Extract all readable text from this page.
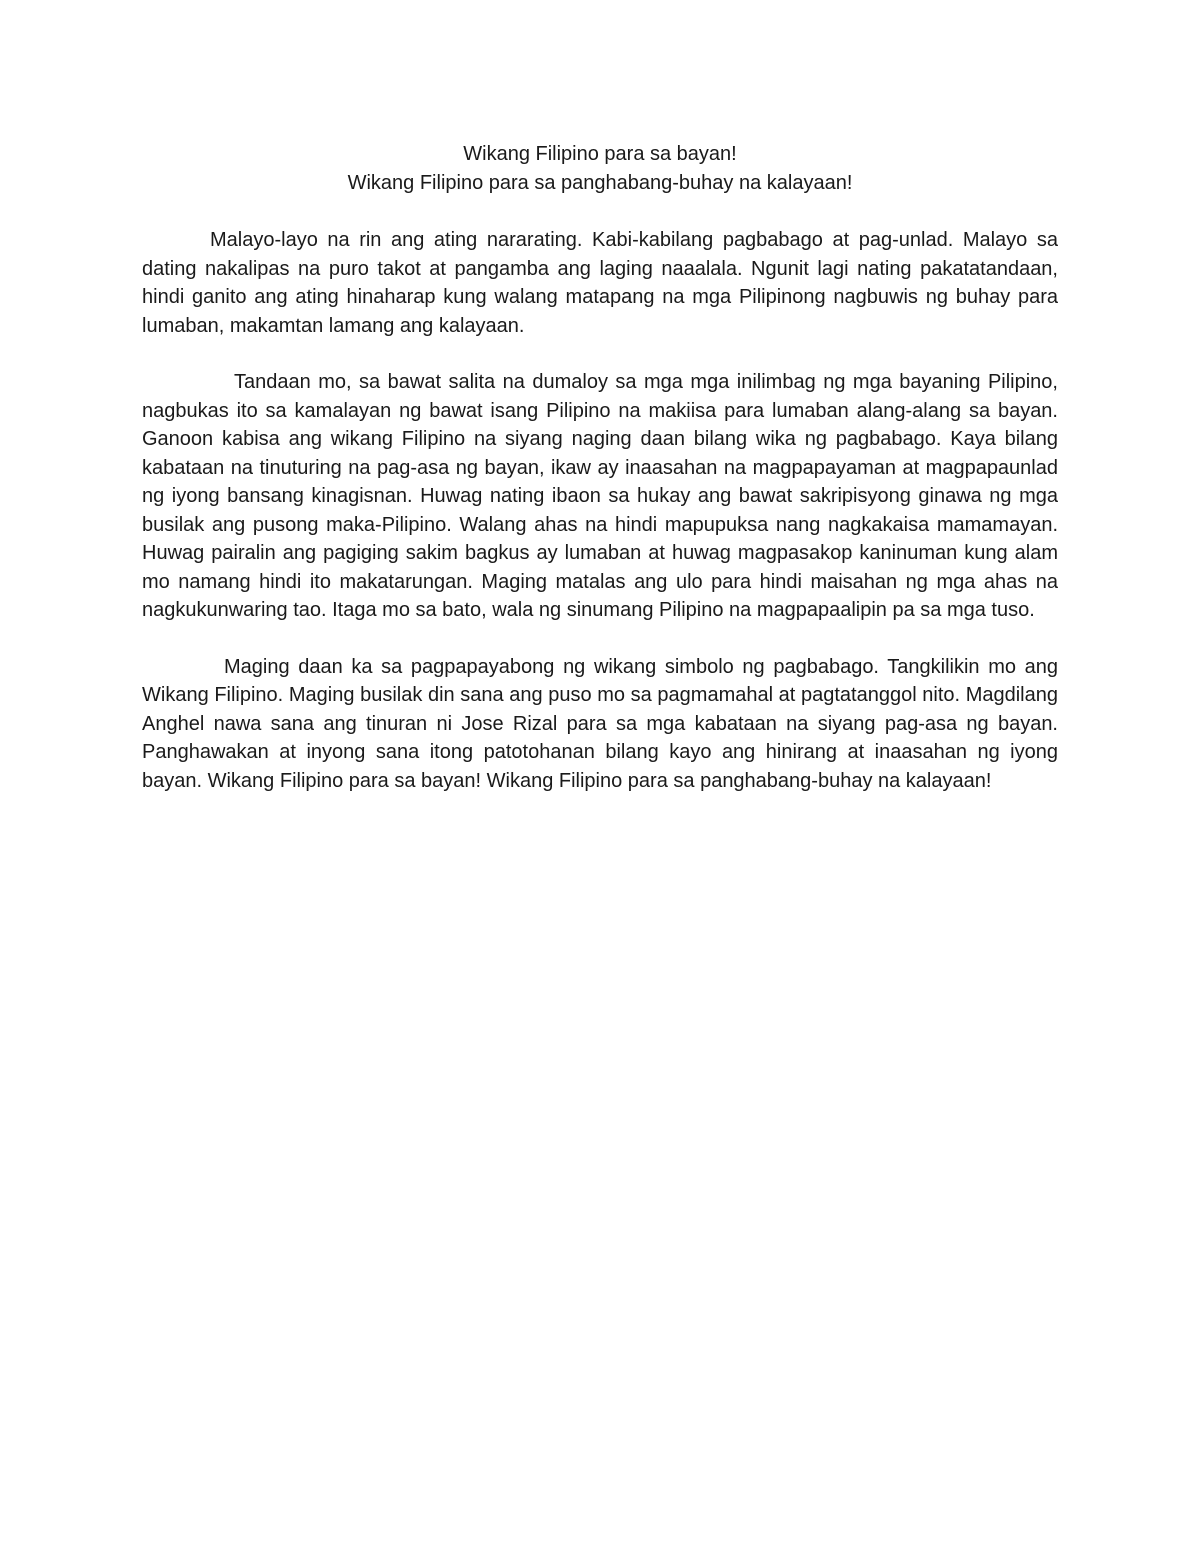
Wikang Filipino para sa bayan!

Wikang Filipino para sa panghabang-buhay na kalayaan!

Malayo-layo na rin ang ating nararating. Kabi-kabilang pagbabago at pag-unlad. Malayo sa dating nakalipas na puro takot at pangamba ang laging naaalala. Ngunit lagi nating pakatatandaan, hindi ganito ang ating hinaharap kung walang matapang na mga Pilipinong nagbuwis ng buhay para lumaban, makamtan lamang ang kalayaan.

Tandaan mo, sa bawat salita na dumaloy sa mga mga inilimbag ng mga bayaning Pilipino, nagbukas ito sa kamalayan ng bawat isang Pilipino na makiisa para lumaban alang-alang sa bayan. Ganoon kabisa ang wikang Filipino na siyang naging daan bilang wika ng pagbabago. Kaya bilang kabataan na tinuturing na pag-asa ng bayan, ikaw ay inaasahan na magpapayaman at magpapaunlad ng iyong bansang kinagisnan. Huwag nating ibaon sa hukay ang bawat sakripisyong ginawa ng mga busilak ang pusong maka-Pilipino. Walang ahas na hindi mapupuksa nang nagkakaisa mamamayan. Huwag pairalin ang pagiging sakim bagkus ay lumaban at huwag magpasakop kaninuman kung alam mo namang hindi ito makatarungan. Maging matalas ang ulo para hindi maisahan ng mga ahas na nagkukunwaring tao. Itaga mo sa bato, wala ng sinumang Pilipino na magpapaalipin pa sa mga tuso.

Maging daan ka sa pagpapayabong ng wikang simbolo ng pagbabago. Tangkilikin mo ang Wikang Filipino. Maging busilak din sana ang puso mo sa pagmamahal at pagtatanggol nito. Magdilang Anghel nawa sana ang tinuran ni Jose Rizal para sa mga kabataan na siyang pag-asa ng bayan. Panghawakan at inyong sana itong patotohanan bilang kayo ang hinirang at inaasahan ng iyong bayan. Wikang Filipino para sa bayan! Wikang Filipino para sa panghabang-buhay na kalayaan!
